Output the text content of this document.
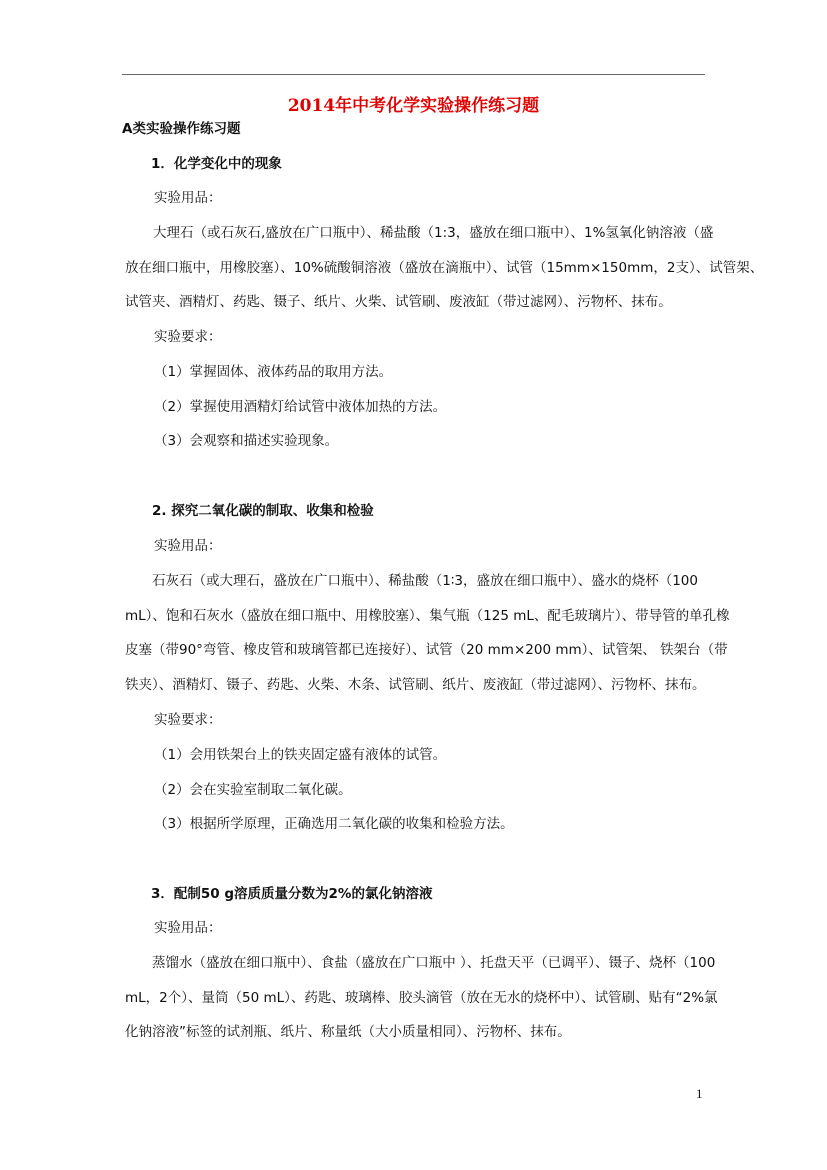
2014年中考化学实验操作练习题
A类实验操作练习题
1．化学变化中的现象
实验用品：
大理石（或石灰石,盛放在广口瓶中）、稀盐酸（1:3，盛放在细口瓶中）、1%氢氧化钠溶液（盛
放在细口瓶中，用橡胶塞）、10%硫酸铜溶液（盛放在滴瓶中）、试管（15mm×150mm，2支）、试管架、
试管夹、酒精灯、药匙、镊子、纸片、火柴、试管刷、废液缸（带过滤网）、污物杯、抹布。
实验要求：
（1）掌握固体、液体药品的取用方法。
（2）掌握使用酒精灯给试管中液体加热的方法。
（3）会观察和描述实验现象。
2. 探究二氧化碳的制取、收集和检验
实验用品：
石灰石（或大理石，盛放在广口瓶中）、稀盐酸（1∶3，盛放在细口瓶中）、盛水的烧杯（100
mL）、饱和石灰水（盛放在细口瓶中、用橡胶塞）、集气瓶（125 mL、配毛玻璃片）、带导管的单孔橡
皮塞（带90°弯管、橡皮管和玻璃管都已连接好）、试管（20 mm×200 mm）、试管架、 铁架台（带
铁夹）、酒精灯、镊子、药匙、火柴、木条、试管刷、纸片、废液缸（带过滤网）、污物杯、抹布。
实验要求：
（1）会用铁架台上的铁夹固定盛有液体的试管。
（2）会在实验室制取二氧化碳。
（3）根据所学原理，正确选用二氧化碳的收集和检验方法。
3．配制50 g溶质质量分数为2%的氯化钠溶液
实验用品：
蒸馏水（盛放在细口瓶中）、食盐（盛放在广口瓶中 ）、托盘天平（已调平）、镊子、烧杯（100
mL，2个）、量筒（50 mL）、药匙、玻璃棒、胶头滴管（放在无水的烧杯中）、试管刷、贴有“2%氯
化钠溶液”标签的试剂瓶、纸片、称量纸（大小质量相同）、污物杯、抹布。
1
